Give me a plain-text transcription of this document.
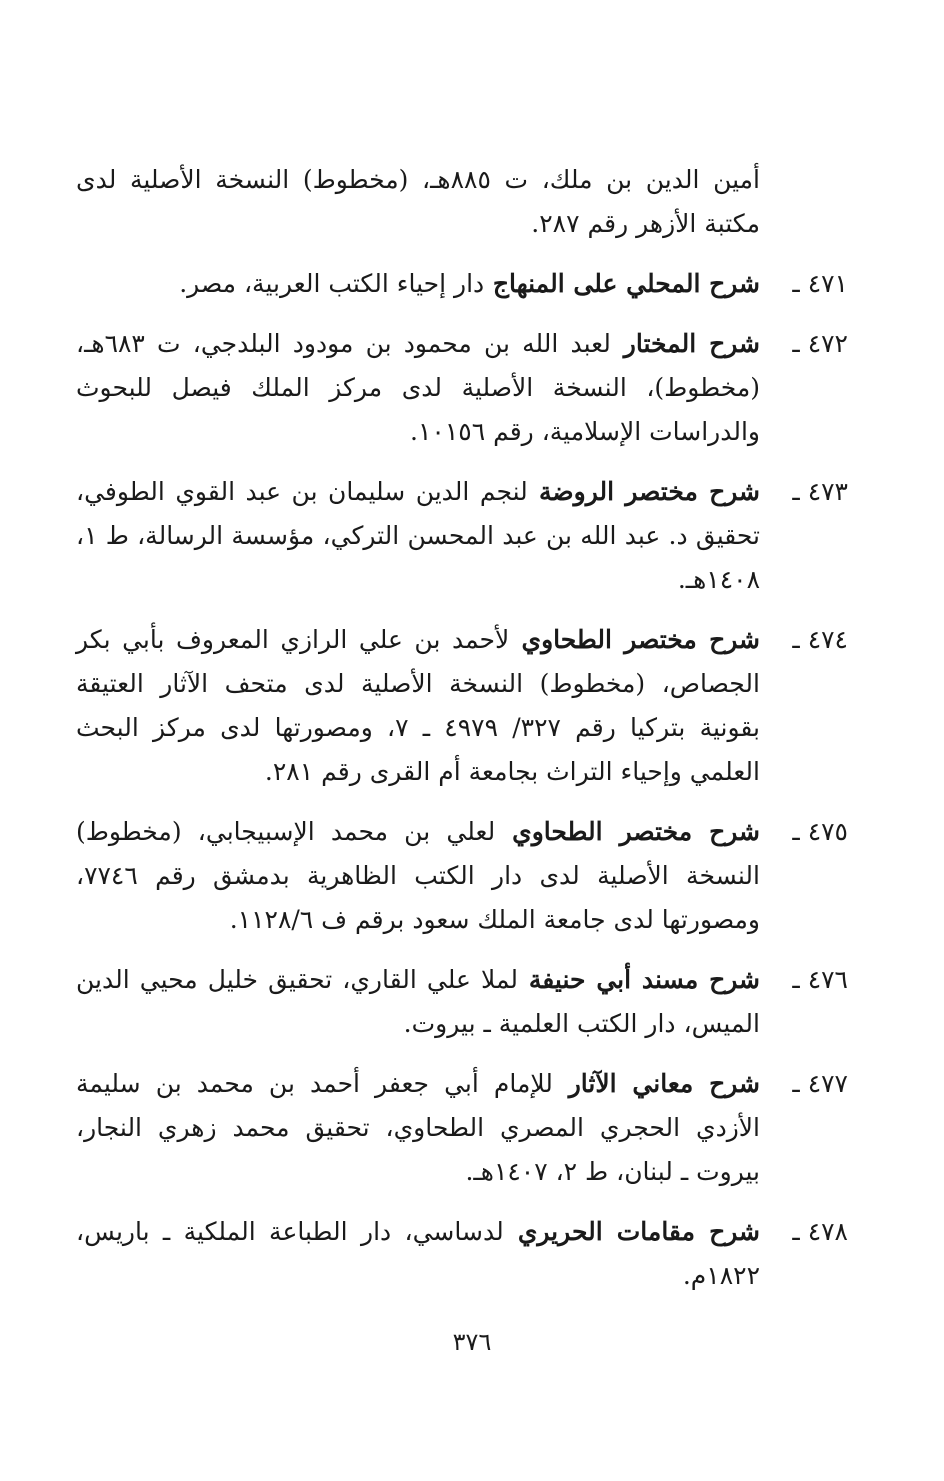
أمين الدين بن ملك، ت ٨٨٥هـ، (مخطوط) النسخة الأصلية لدى مكتبة الأزهر رقم ٢٨٧.

٤٧١ ـ
شرح المحلي على المنهاج دار إحياء الكتب العربية، مصر.
٤٧٢ ـ
شرح المختار لعبد الله بن محمود بن مودود البلدجي، ت ٦٨٣هـ، (مخطوط)، النسخة الأصلية لدى مركز الملك فيصل للبحوث والدراسات الإسلامية، رقم ١٠١٥٦.
٤٧٣ ـ
شرح مختصر الروضة لنجم الدين سليمان بن عبد القوي الطوفي، تحقيق د. عبد الله بن عبد المحسن التركي، مؤسسة الرسالة، ط ١، ١٤٠٨هـ.
٤٧٤ ـ
شرح مختصر الطحاوي لأحمد بن علي الرازي المعروف بأبي بكر الجصاص، (مخطوط) النسخة الأصلية لدى متحف الآثار العتيقة بقونية بتركيا رقم ٣٢٧/ ٤٩٧٩ ـ ٧، ومصورتها لدى مركز البحث العلمي وإحياء التراث بجامعة أم القرى رقم ٢٨١.
٤٧٥ ـ
شرح مختصر الطحاوي لعلي بن محمد الإسبيجابي، (مخطوط) النسخة الأصلية لدى دار الكتب الظاهرية بدمشق رقم ٧٧٤٦، ومصورتها لدى جامعة الملك سعود برقم ف ١١٢٨/٦.
٤٧٦ ـ
شرح مسند أبي حنيفة لملا علي القاري، تحقيق خليل محيي الدين الميس، دار الكتب العلمية ـ بيروت.
٤٧٧ ـ
شرح معاني الآثار للإمام أبي جعفر أحمد بن محمد بن سليمة الأزدي الحجري المصري الطحاوي، تحقيق محمد زهري النجار، بيروت ـ لبنان، ط ٢، ١٤٠٧هـ.
٤٧٨ ـ
شرح مقامات الحريري لدساسي، دار الطباعة الملكية ـ باريس، ١٨٢٢م.
٣٧٦
